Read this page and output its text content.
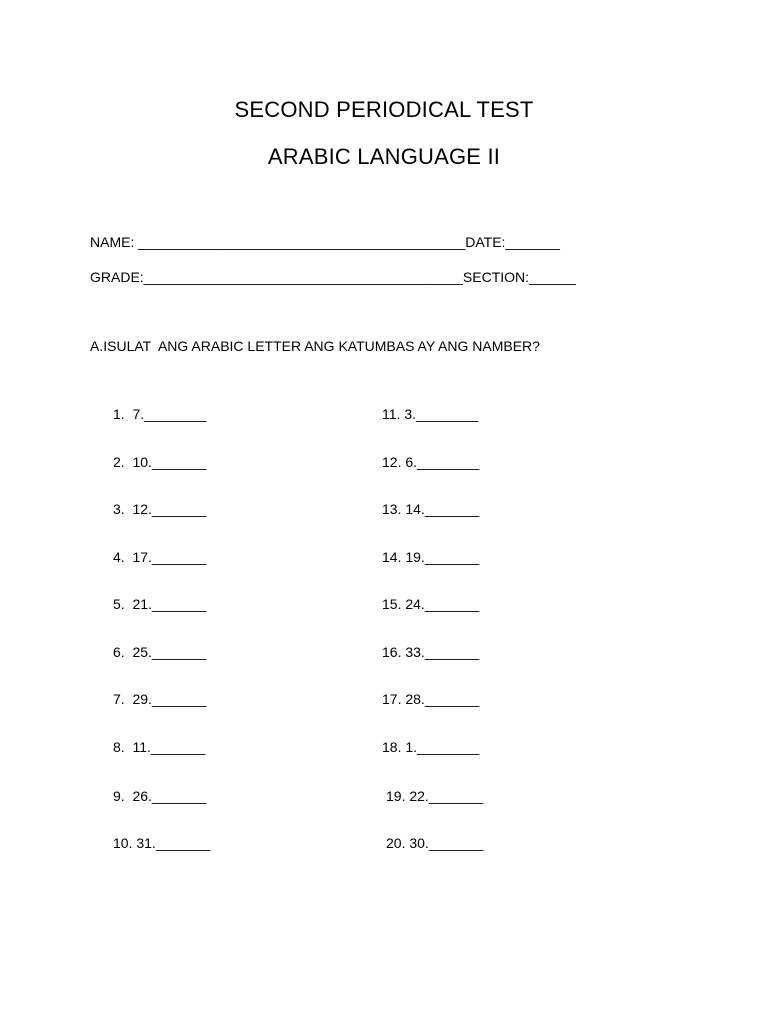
SECOND PERIODICAL TEST
ARABIC LANGUAGE II
NAME: __________________________________________DATE:_______
GRADE:_________________________________________SECTION:______
A.ISULAT  ANG ARABIC LETTER ANG KATUMBAS AY ANG NAMBER?
1.  7.________
2.  10._______
3.  12._______
4.  17._______
5.  21._______
6.  25._______
7.  29._______
8.  11._______
9.  26._______
10. 31._______
11. 3.________
12. 6.________
13. 14._______
14. 19._______
15. 24._______
16. 33._______
17. 28._______
18. 1.________
19. 22._______
20. 30._______
